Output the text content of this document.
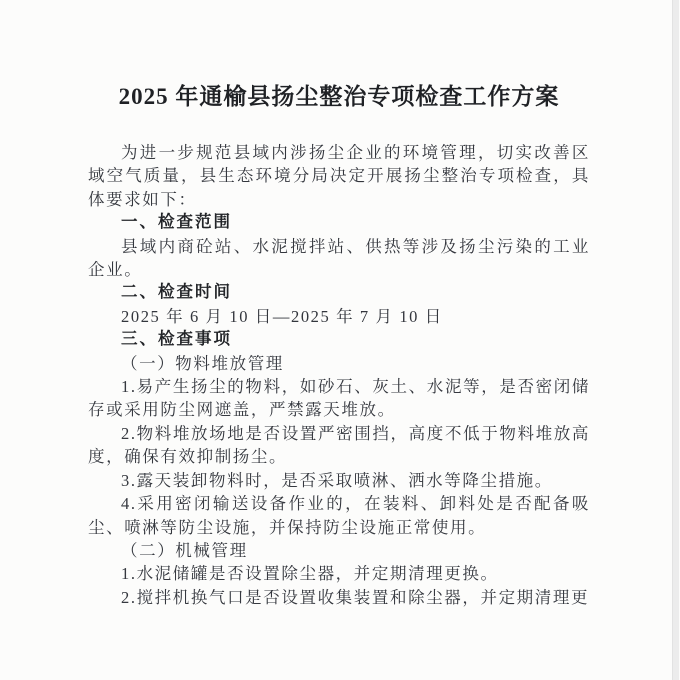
2025 年通榆县扬尘整治专项检查工作方案

为进一步规范县域内涉扬尘企业的环境管理，切实改善区域空气质量，县生态环境分局决定开展扬尘整治专项检查，具体要求如下：

一、检查范围

县域内商砼站、水泥搅拌站、供热等涉及扬尘污染的工业企业。

二、检查时间

2025 年 6 月 10 日—2025 年 7 月 10 日

三、检查事项

（一）物料堆放管理

1.易产生扬尘的物料，如砂石、灰土、水泥等，是否密闭储存或采用防尘网遮盖，严禁露天堆放。

2.物料堆放场地是否设置严密围挡，高度不低于物料堆放高度，确保有效抑制扬尘。

3.露天装卸物料时，是否采取喷淋、洒水等降尘措施。

4.采用密闭输送设备作业的，在装料、卸料处是否配备吸尘、喷淋等防尘设施，并保持防尘设施正常使用。

（二）机械管理

1.水泥储罐是否设置除尘器，并定期清理更换。

2.搅拌机换气口是否设置收集装置和除尘器，并定期清理更
